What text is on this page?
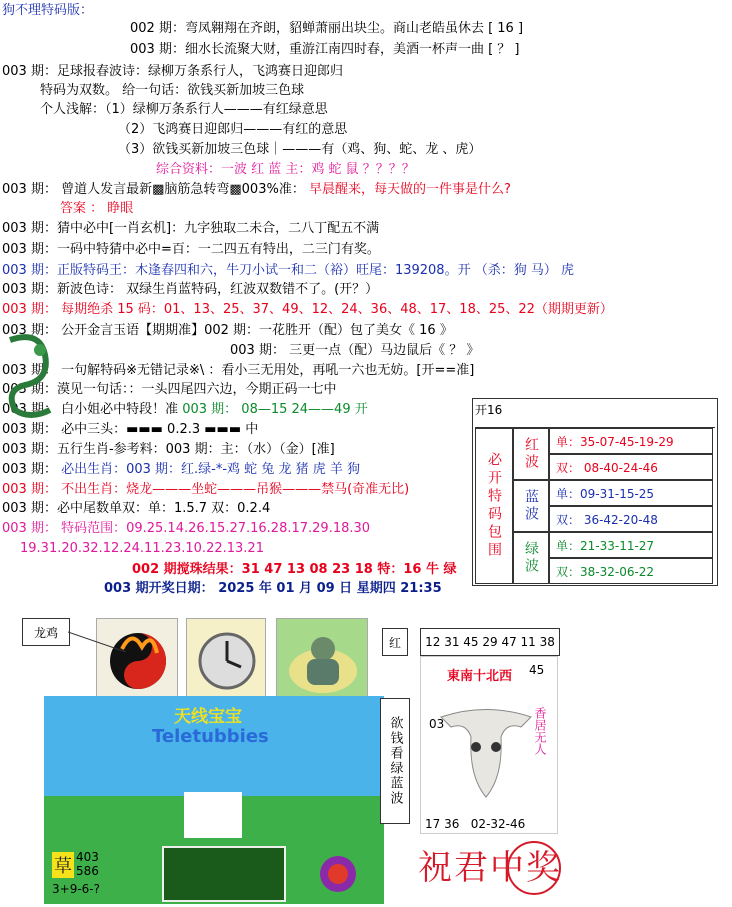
狗不理特码版：
002 期：弯凤翱翔在齐朗，貂蝉萧丽出块尘。商山老皓虽休去 [ 16 ]
003 期：细水长流聚大财，重游江南四时春，美酒一杯声一曲 [ ？ ]
003 期：足球报春波诗：绿柳万条系行人，飞鸿赛日迎郎归
特码为双数。 给一句话：欲钱买新加坡三色球
个人浅解：（1）绿柳万条系行人———有红绿意思
（2）飞鸿赛日迎郎归———有红的意思
（3）欲钱买新加坡三色球｜———有（鸡、狗、蛇、龙 、虎）
综合资料：一波 红 蓝 主：鸡 蛇 鼠 ？？？？
003 期： 曾道人发言最新▩脑筋急转弯▩003%准： 早晨醒来，每天做的一件事是什么?
答案 ： 睁眼
003 期：猜中必中[一肖玄机]：九字独取二未合，二八丁配五不满
003 期：一码中特猜中必中=百：一二四五有特出，二三门有奖。
003 期：正版特码王：木逢春四和六，牛刀小试一和二（裕）旺尾：139208。开 （杀：狗 马） 虎
003 期：新波色诗： 双绿生肖蓝特码，红波双数错不了。(开？）
003 期： 每期绝杀 15 码：01、13、25、37、49、12、24、36、48、17、18、25、22（期期更新）
003 期： 公开金言玉语【期期准】002 期：一花胜开（配）包了美女《 16 》
003 期： 三更一点（配）马边鼠后《 ？ 》
003 期： 一句解特码※无错记录※\ ：看小三无用处，再吼一六也无妨。[开==准]
003 期：漠见一句话：：一头四尾四六边，今期正码一七中
003 期： 白小姐必中特段！准 003 期： 08—15 24——49 开
003 期： 必中三头：▬▬▬ 0.2.3 ▬▬▬ 中
003 期：五行生肖-参考料：003 期：主：（水）（金）[准]
003 期： 必出生肖：003 期：红.绿-*-鸡 蛇 兔 龙 猪 虎 羊 狗
003 期： 不出生肖：烧龙———坐蛇———吊猴———禁马(奇准无比)
003 期：必中尾数单双：单：1.5.7 双：0.2.4
003 期： 特码范围：09.25.14.26.15.27.16.28.17.29.18.30
19.31.20.32.12.24.11.23.10.22.13.21
002 期搅珠结果：31 47 13 08 23 18 特：16 牛 绿
003 期开奖日期： 2025 年 01 月 09 日 星期四 21:35
开16
必开特码包围	红波	单：35-07-45-19-29
双： 08-40-24-46
蓝波	单：09-31-15-25
双： 36-42-20-48
绿波	单：21-33-11-27
双：38-32-06-22
龙鸡
红	12 31 45 29 47 11 38
天线宝宝
Teletubbies
草 403
586
3+9-6-?
欲钱看绿蓝波
東南十北西 45
03	香居无人
17 36   02-32-46
祝君中奖
